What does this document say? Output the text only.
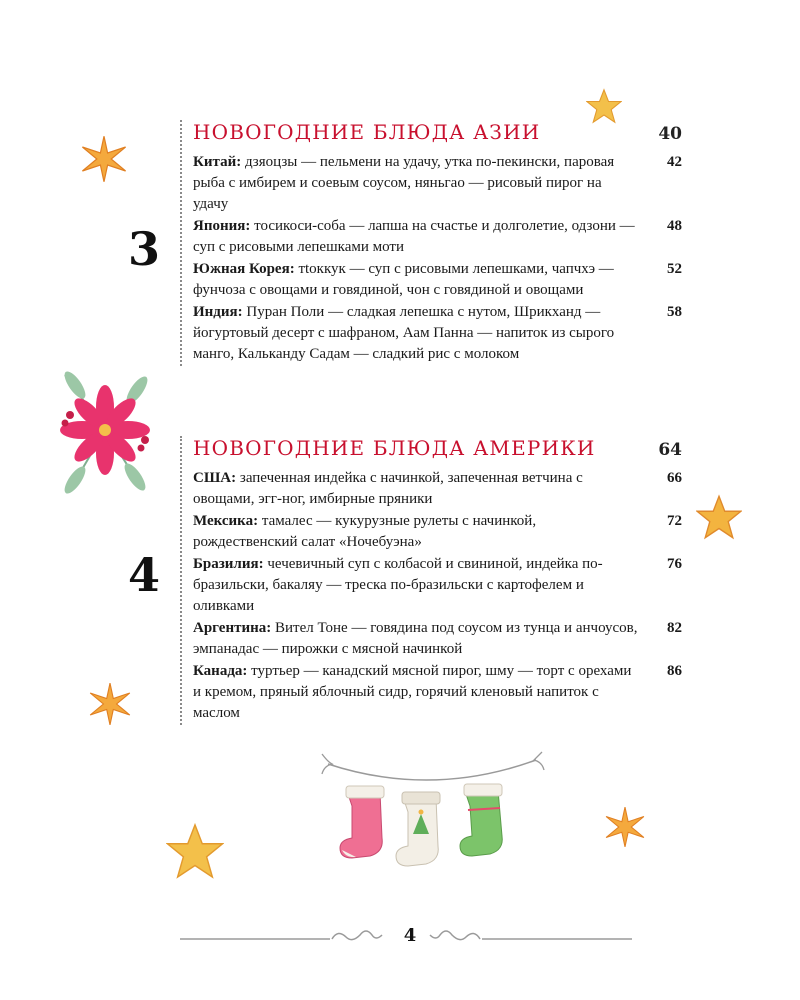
3
4
НОВОГОДНИЕ БЛЮДА АЗИИ	40
Китай: дзяоцзы — пельмени на удачу, утка по-пекински, паровая рыба с имбирем и соевым соусом, няньгао — рисовый пирог на удачу
42
Япония: тосикоси-соба — лапша на счастье и долголетие, одзони — суп с рисовыми лепешками моти
48
Южная Корея: тtоккук — суп с рисовыми лепешками, чапчхэ — фунчоза с овощами и говядиной, чон с говядиной и овощами
52
Индия: Пуран Поли — сладкая лепешка с нутом, Шрикханд — йогуртовый десерт с шафраном, Аам Панна — напиток из сырого манго, Кальканду Садам — сладкий рис с молоком
58
НОВОГОДНИЕ БЛЮДА АМЕРИКИ	64
США: запеченная индейка с начинкой, запеченная ветчина с овощами, эгг-ног, имбирные пряники
66
Мексика: тамалес — кукурузные рулеты с начинкой, рождественский салат «Ночебуэна»
72
Бразилия: чечевичный суп с колбасой и свининой, индейка по-бразильски, бакаляу — треска по-бразильски с картофелем и оливками
76
Аргентина: Вител Тоне — говядина под соусом из тунца и анчоусов, эмпанадас — пирожки с мясной начинкой
82
Канада: туртьер — канадский мясной пирог, шму — торт с орехами и кремом, пряный яблочный сидр, горячий кленовый напиток с маслом
86
4
